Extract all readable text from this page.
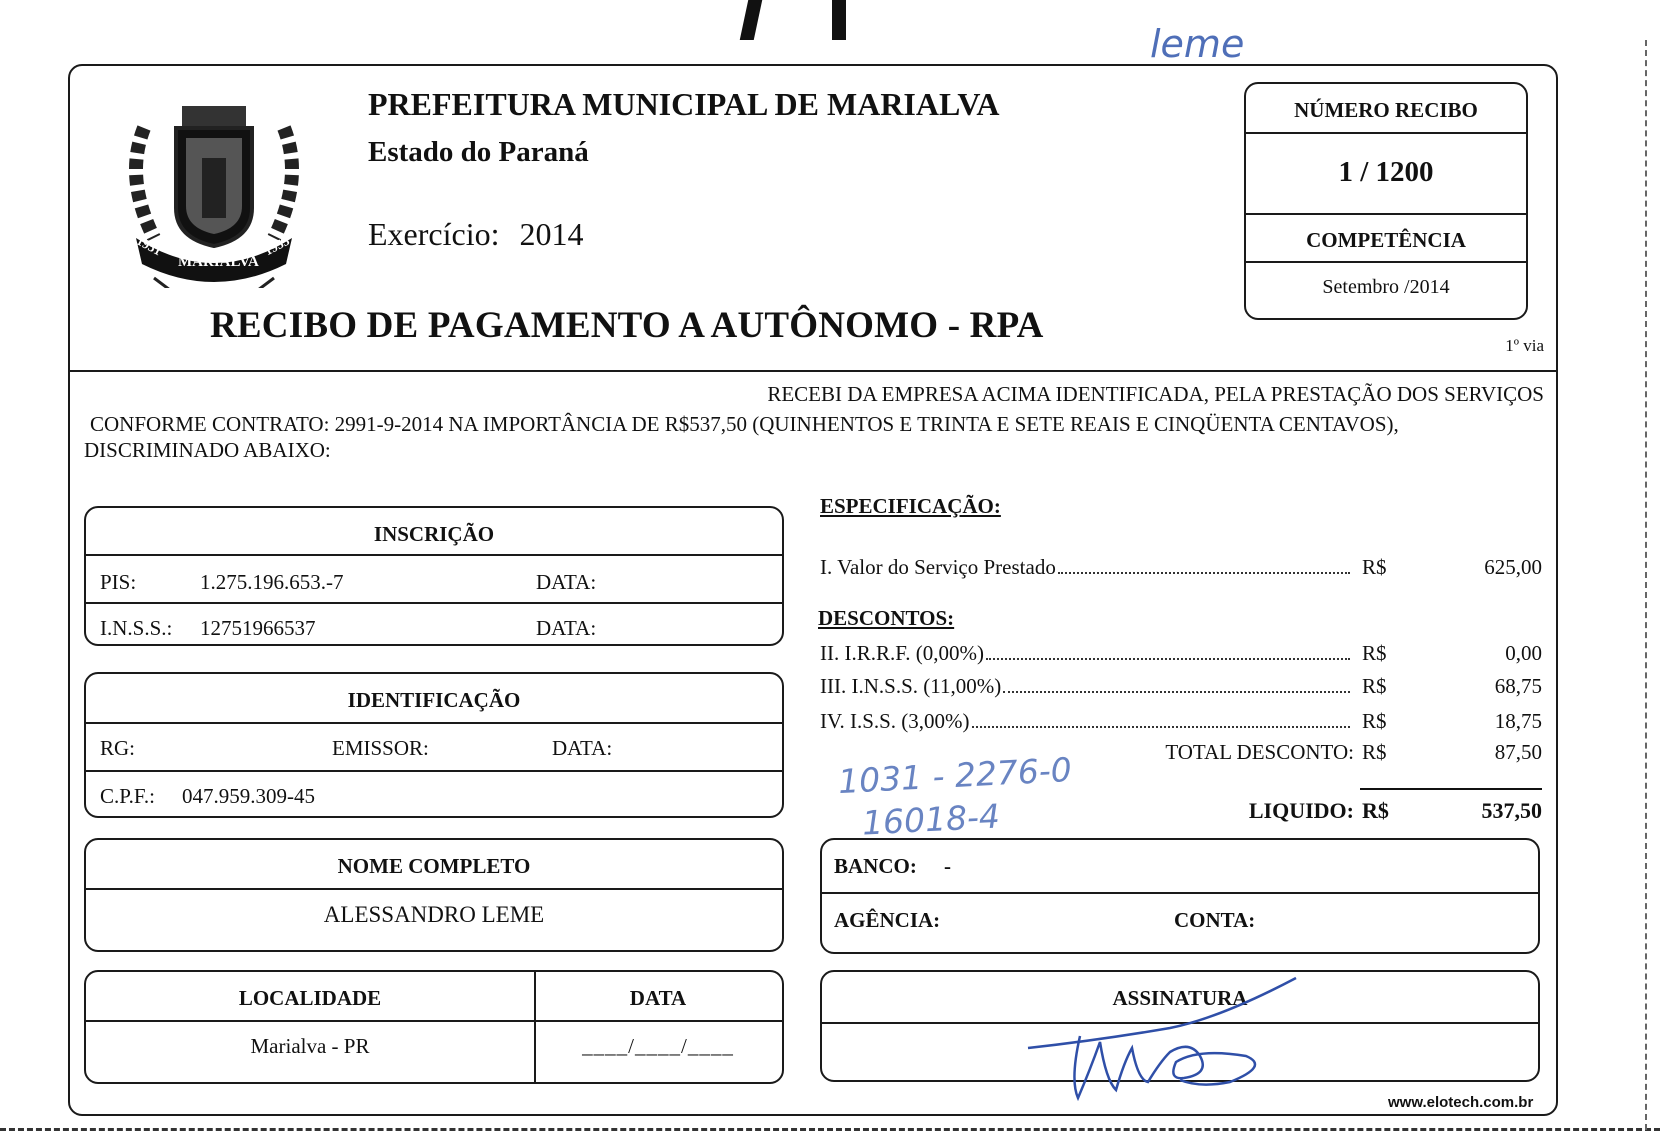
1951
MARIALVA
1953
PREFEITURA MUNICIPAL DE MARIALVA
Estado do Paraná
Exercício: 2014
RECIBO DE PAGAMENTO A AUTÔNOMO - RPA
NÚMERO RECIBO
1 / 1200
COMPETÊNCIA
Setembro /2014
1º via
RECEBI DA EMPRESA ACIMA IDENTIFICADA, PELA PRESTAÇÃO DOS SERVIÇOS
CONFORME CONTRATO: 2991-9-2014 NA IMPORTÂNCIA DE R$537,50 (QUINHENTOS E TRINTA E SETE REAIS E CINQÜENTA CENTAVOS),
DISCRIMINADO ABAIXO:
INSCRIÇÃO
PIS:	1.275.196.653.-7	DATA:
I.N.S.S.: 12751966537	DATA:
IDENTIFICAÇÃO
RG:	EMISSOR:	DATA:
C.P.F.: 047.959.309-45
NOME COMPLETO
ALESSANDRO LEME
LOCALIDADE	DATA
Marialva - PR	____/____/____
ESPECIFICAÇÃO:
I. Valor do Serviço Prestado	R$	625,00
DESCONTOS:
II. I.R.R.F. (0,00%)	R$	0,00
III. I.N.S.S. (11,00%)	R$	68,75
IV. I.S.S. (3,00%)	R$	18,75
TOTAL DESCONTO: R$	87,50
LIQUIDO: R$	537,50
BANCO: -
AGÊNCIA:	CONTA:
ASSINATURA
leme
1031 - 2276-0
16018-4
www.elotech.com.br
